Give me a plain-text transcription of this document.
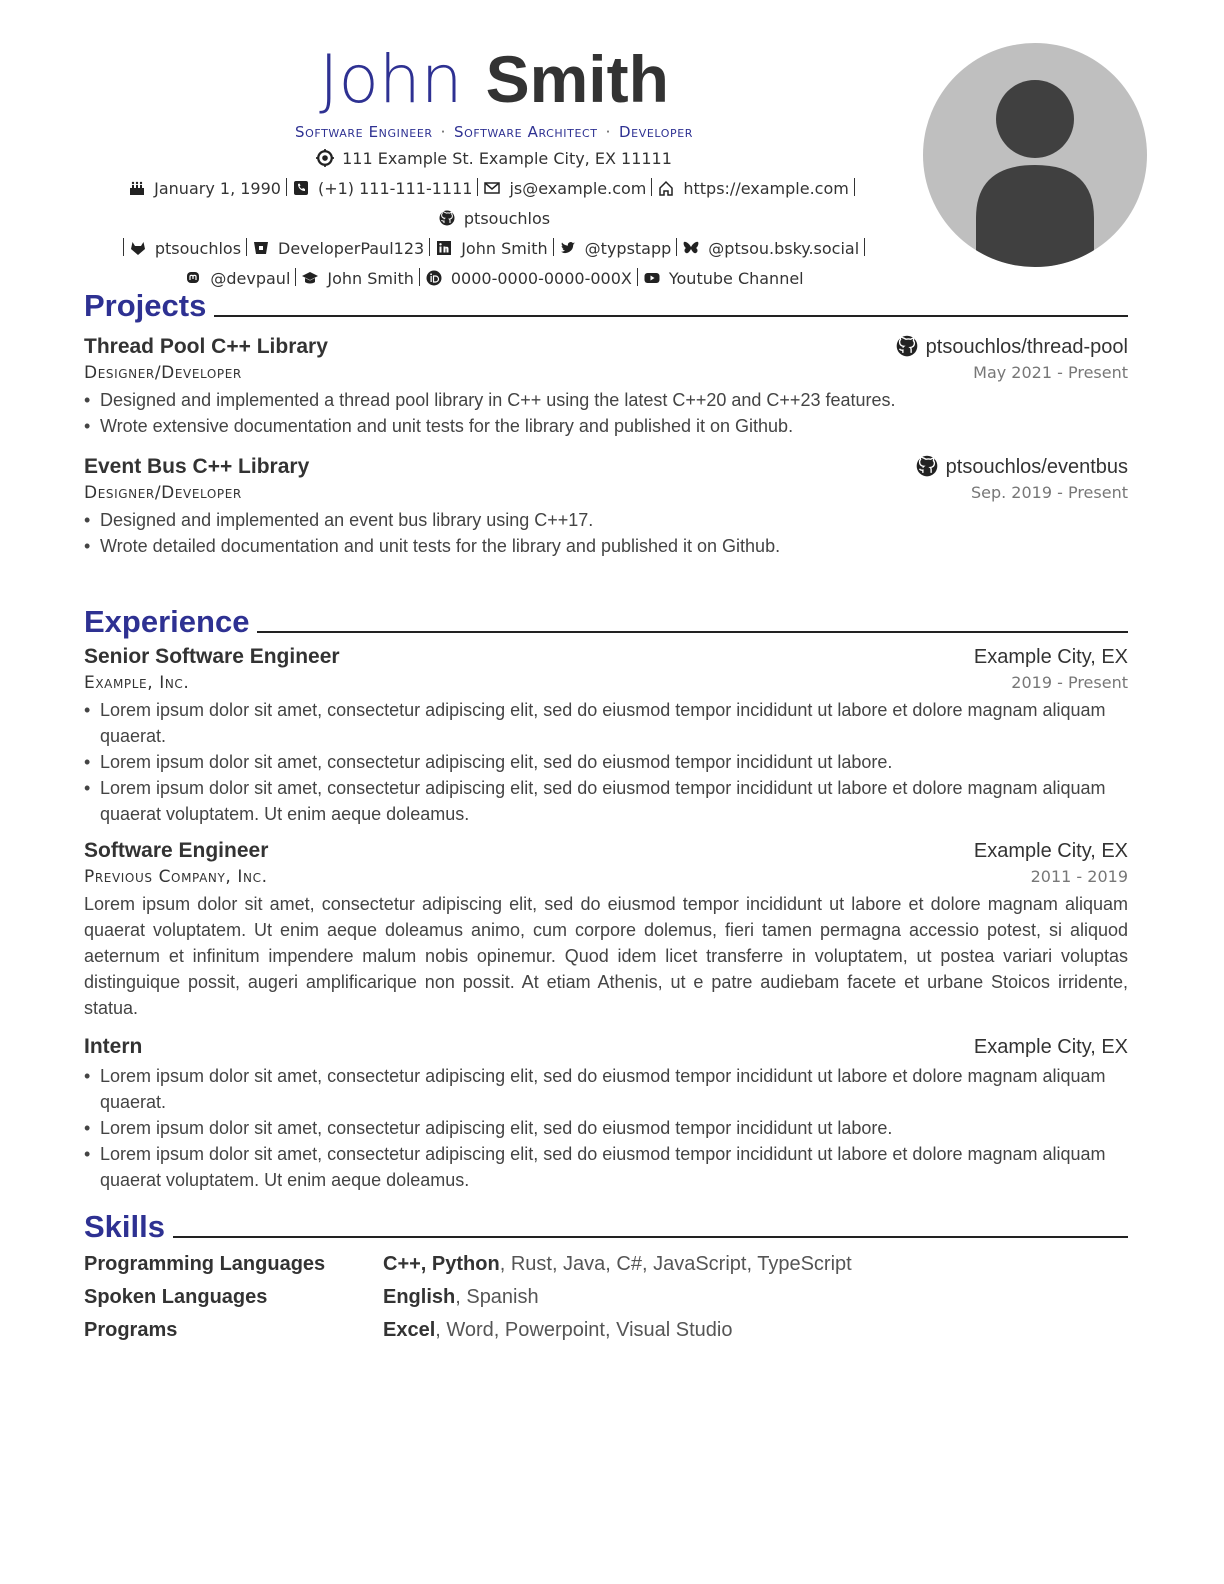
John Smith
Software Engineer · Software Architect · Developer
111 Example St. Example City, EX 11111
January 1, 1990 (+1) 111-111-1111 js@example.com https://example.comptsouchlos
ptsouchlos DeveloperPaul123 John Smith @typstapp @ptsou.bsky.social
@devpaul John Smith 0000-0000-0000-000X Youtube Channel
Projects
Thread Pool C++ Library	ptsouchlos/thread-pool
Designer/Developer	May 2021 - Present
• Designed and implemented a thread pool library in C++ using the latest C++20 and C++23 features.
• Wrote extensive documentation and unit tests for the library and published it on Github.
Event Bus C++ Library	ptsouchlos/eventbus
Designer/Developer	Sep. 2019 - Present
• Designed and implemented an event bus library using C++17.
• Wrote detailed documentation and unit tests for the library and published it on Github.
Experience
Senior Software Engineer	Example City, EX
Example, Inc.	2019 - Present
• Lorem ipsum dolor sit amet, consectetur adipiscing elit, sed do eiusmod tempor incididunt ut labore et dolore magnam aliquam quaerat.
• Lorem ipsum dolor sit amet, consectetur adipiscing elit, sed do eiusmod tempor incididunt ut labore.
• Lorem ipsum dolor sit amet, consectetur adipiscing elit, sed do eiusmod tempor incididunt ut labore et dolore magnam aliquam quaerat voluptatem. Ut enim aeque doleamus.
Software Engineer	Example City, EX
Previous Company, Inc.	2011 - 2019
Lorem ipsum dolor sit amet, consectetur adipiscing elit, sed do eiusmod tempor incididunt ut labore et dolore magnam aliquam quaerat voluptatem. Ut enim aeque doleamus animo, cum corpore dolemus, fieri tamen permagna accessio potest, si aliquod aeternum et infinitum impendere malum nobis opinemur. Quod idem licet transferre in voluptatem, ut postea variari voluptas distinguique possit, augeri amplificarique non possit. At etiam Athenis, ut e patre audiebam facete et urbane Stoicos irridente, statua.
Intern	Example City, EX
• Lorem ipsum dolor sit amet, consectetur adipiscing elit, sed do eiusmod tempor incididunt ut labore et dolore magnam aliquam quaerat.
• Lorem ipsum dolor sit amet, consectetur adipiscing elit, sed do eiusmod tempor incididunt ut labore.
• Lorem ipsum dolor sit amet, consectetur adipiscing elit, sed do eiusmod tempor incididunt ut labore et dolore magnam aliquam quaerat voluptatem. Ut enim aeque doleamus.
Skills
Programming Languages	C++, Python, Rust, Java, C#, JavaScript, TypeScript
Spoken Languages	English, Spanish
Programs	Excel, Word, Powerpoint, Visual Studio
